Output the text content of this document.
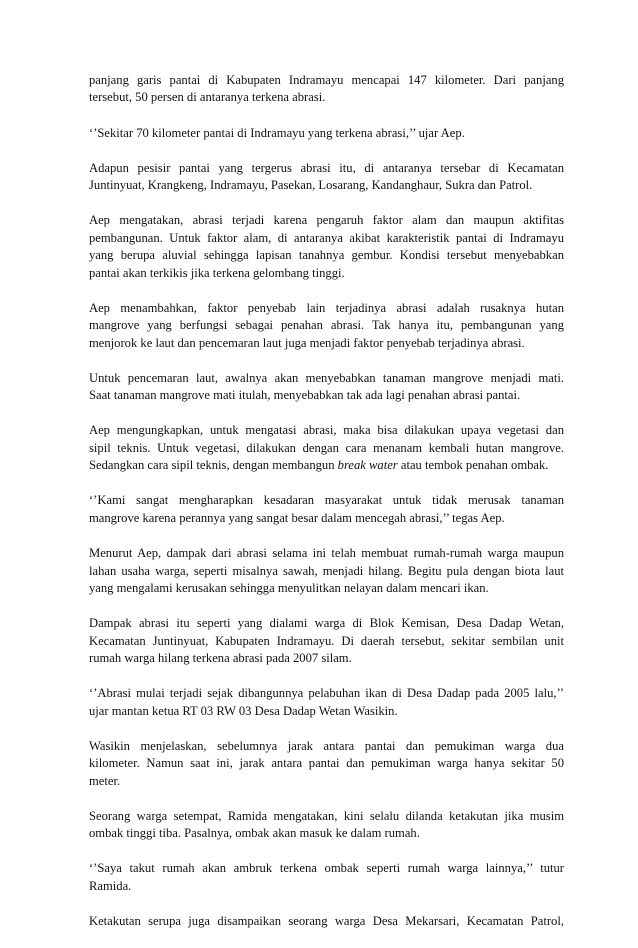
panjang garis pantai di Kabupaten Indramayu mencapai 147 kilometer. Dari panjang
tersebut, 50 persen di antaranya terkena abrasi.

‘’Sekitar 70 kilometer pantai di Indramayu yang terkena abrasi,’’ ujar Aep.

Adapun pesisir pantai yang tergerus abrasi itu, di antaranya tersebar di Kecamatan
Juntinyuat, Krangkeng, Indramayu, Pasekan, Losarang, Kandanghaur, Sukra dan Patrol.

Aep mengatakan, abrasi terjadi karena pengaruh faktor alam dan maupun aktifitas
pembangunan. Untuk faktor alam, di antaranya akibat karakteristik pantai di Indramayu
yang berupa aluvial sehingga lapisan tanahnya gembur. Kondisi tersebut menyebabkan
pantai akan terkikis jika terkena gelombang tinggi.

Aep menambahkan, faktor penyebab lain terjadinya abrasi adalah rusaknya hutan
mangrove yang berfungsi sebagai penahan abrasi. Tak hanya itu, pembangunan yang
menjorok ke laut dan pencemaran laut juga menjadi faktor penyebab terjadinya abrasi.

Untuk pencemaran laut, awalnya akan menyebabkan tanaman mangrove menjadi mati.
Saat tanaman mangrove mati itulah, menyebabkan tak ada lagi penahan abrasi pantai.

Aep mengungkapkan, untuk mengatasi abrasi, maka bisa dilakukan upaya vegetasi dan
sipil teknis. Untuk vegetasi, dilakukan dengan cara menanam kembali hutan mangrove.
Sedangkan cara sipil teknis, dengan membangun break water atau tembok penahan ombak.

‘’Kami sangat mengharapkan kesadaran masyarakat untuk tidak merusak tanaman
mangrove karena perannya yang sangat besar dalam mencegah abrasi,’’ tegas Aep.

Menurut Aep, dampak dari abrasi selama ini telah membuat rumah-rumah warga maupun
lahan usaha warga, seperti misalnya sawah, menjadi hilang. Begitu pula dengan biota laut
yang mengalami kerusakan sehingga menyulitkan nelayan dalam mencari ikan.

Dampak abrasi itu seperti yang dialami warga di Blok Kemisan, Desa Dadap Wetan,
Kecamatan Juntinyuat, Kabupaten Indramayu. Di daerah tersebut, sekitar sembilan unit
rumah warga hilang terkena abrasi pada 2007 silam.

‘’Abrasi mulai terjadi sejak dibangunnya pelabuhan ikan di Desa Dadap pada 2005 lalu,’’
ujar mantan ketua RT 03 RW 03 Desa Dadap Wetan Wasikin.

Wasikin menjelaskan, sebelumnya jarak antara pantai dan pemukiman warga dua
kilometer. Namun saat ini, jarak antara pantai dan pemukiman warga hanya sekitar 50
meter.

Seorang warga setempat, Ramida mengatakan, kini selalu dilanda ketakutan jika musim
ombak tinggi tiba. Pasalnya, ombak akan masuk ke dalam rumah.

‘’Saya takut rumah akan ambruk terkena ombak seperti rumah warga lainnya,’’ tutur
Ramida.

Ketakutan serupa juga disampaikan seorang warga Desa Mekarsari, Kecamatan Patrol,
